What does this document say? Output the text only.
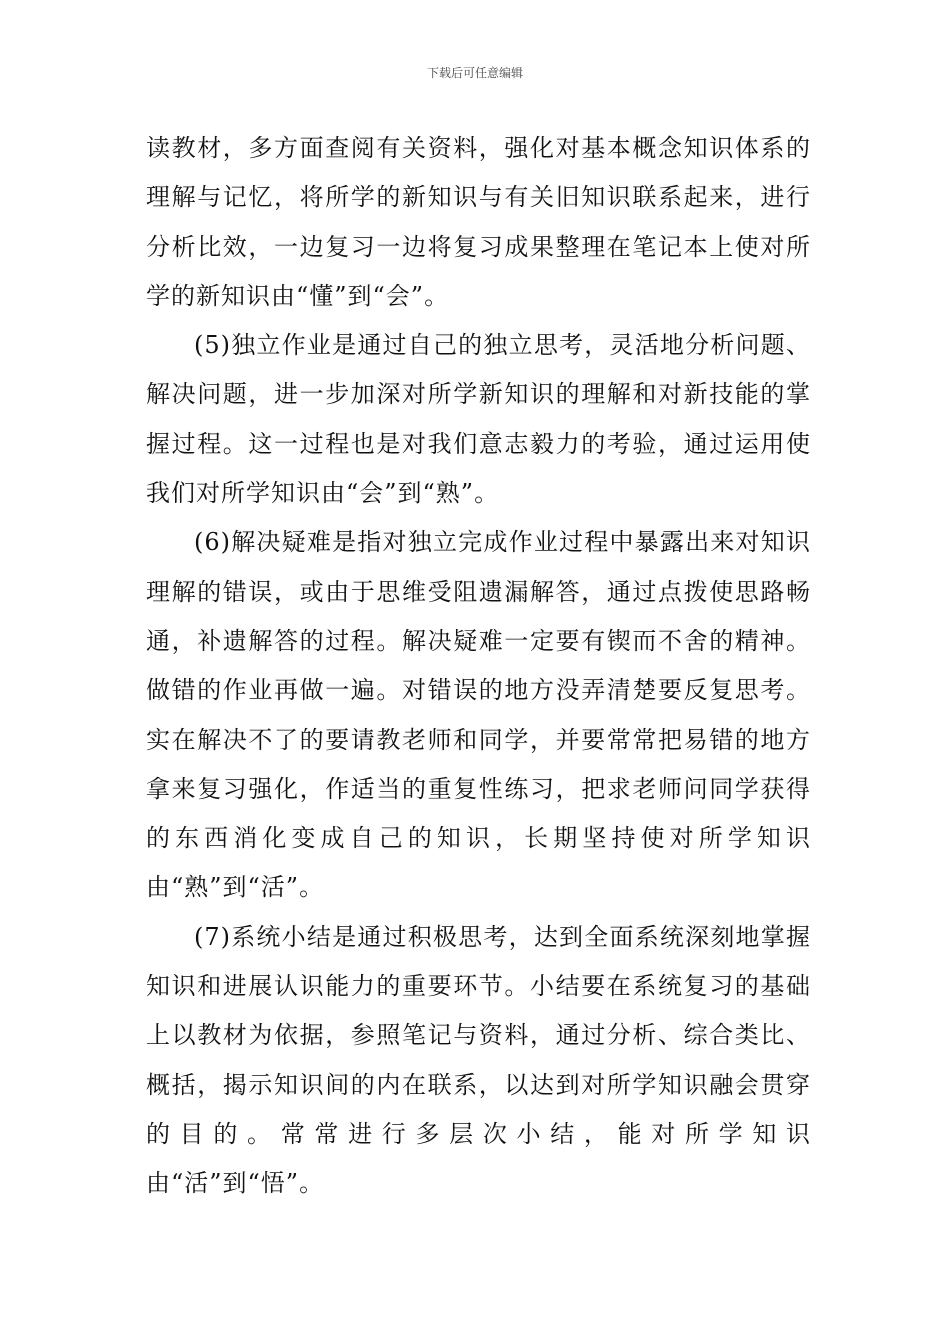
下载后可任意编辑

读教材，多方面查阅有关资料，强化对基本概念知识体系的理解与记忆，将所学的新知识与有关旧知识联系起来，进行分析比效，一边复习一边将复习成果整理在笔记本上使对所学的新知识由“懂”到“会”。

(5)独立作业是通过自己的独立思考，灵活地分析问题、解决问题，进一步加深对所学新知识的理解和对新技能的掌握过程。这一过程也是对我们意志毅力的考验，通过运用使我们对所学知识由“会”到“熟”。

(6)解决疑难是指对独立完成作业过程中暴露出来对知识理解的错误，或由于思维受阻遗漏解答，通过点拨使思路畅通，补遗解答的过程。解决疑难一定要有锲而不舍的精神。做错的作业再做一遍。对错误的地方没弄清楚要反复思考。实在解决不了的要请教老师和同学，并要常常把易错的地方拿来复习强化，作适当的重复性练习，把求老师问同学获得的东西消化变成自己的知识，长期坚持使对所学知识由“熟”到“活”。

(7)系统小结是通过积极思考，达到全面系统深刻地掌握知识和进展认识能力的重要环节。小结要在系统复习的基础上以教材为依据，参照笔记与资料，通过分析、综合类比、概括，揭示知识间的内在联系，以达到对所学知识融会贯穿的目的。常常进行多层次小结，能对所学知识由“活”到“悟”。
